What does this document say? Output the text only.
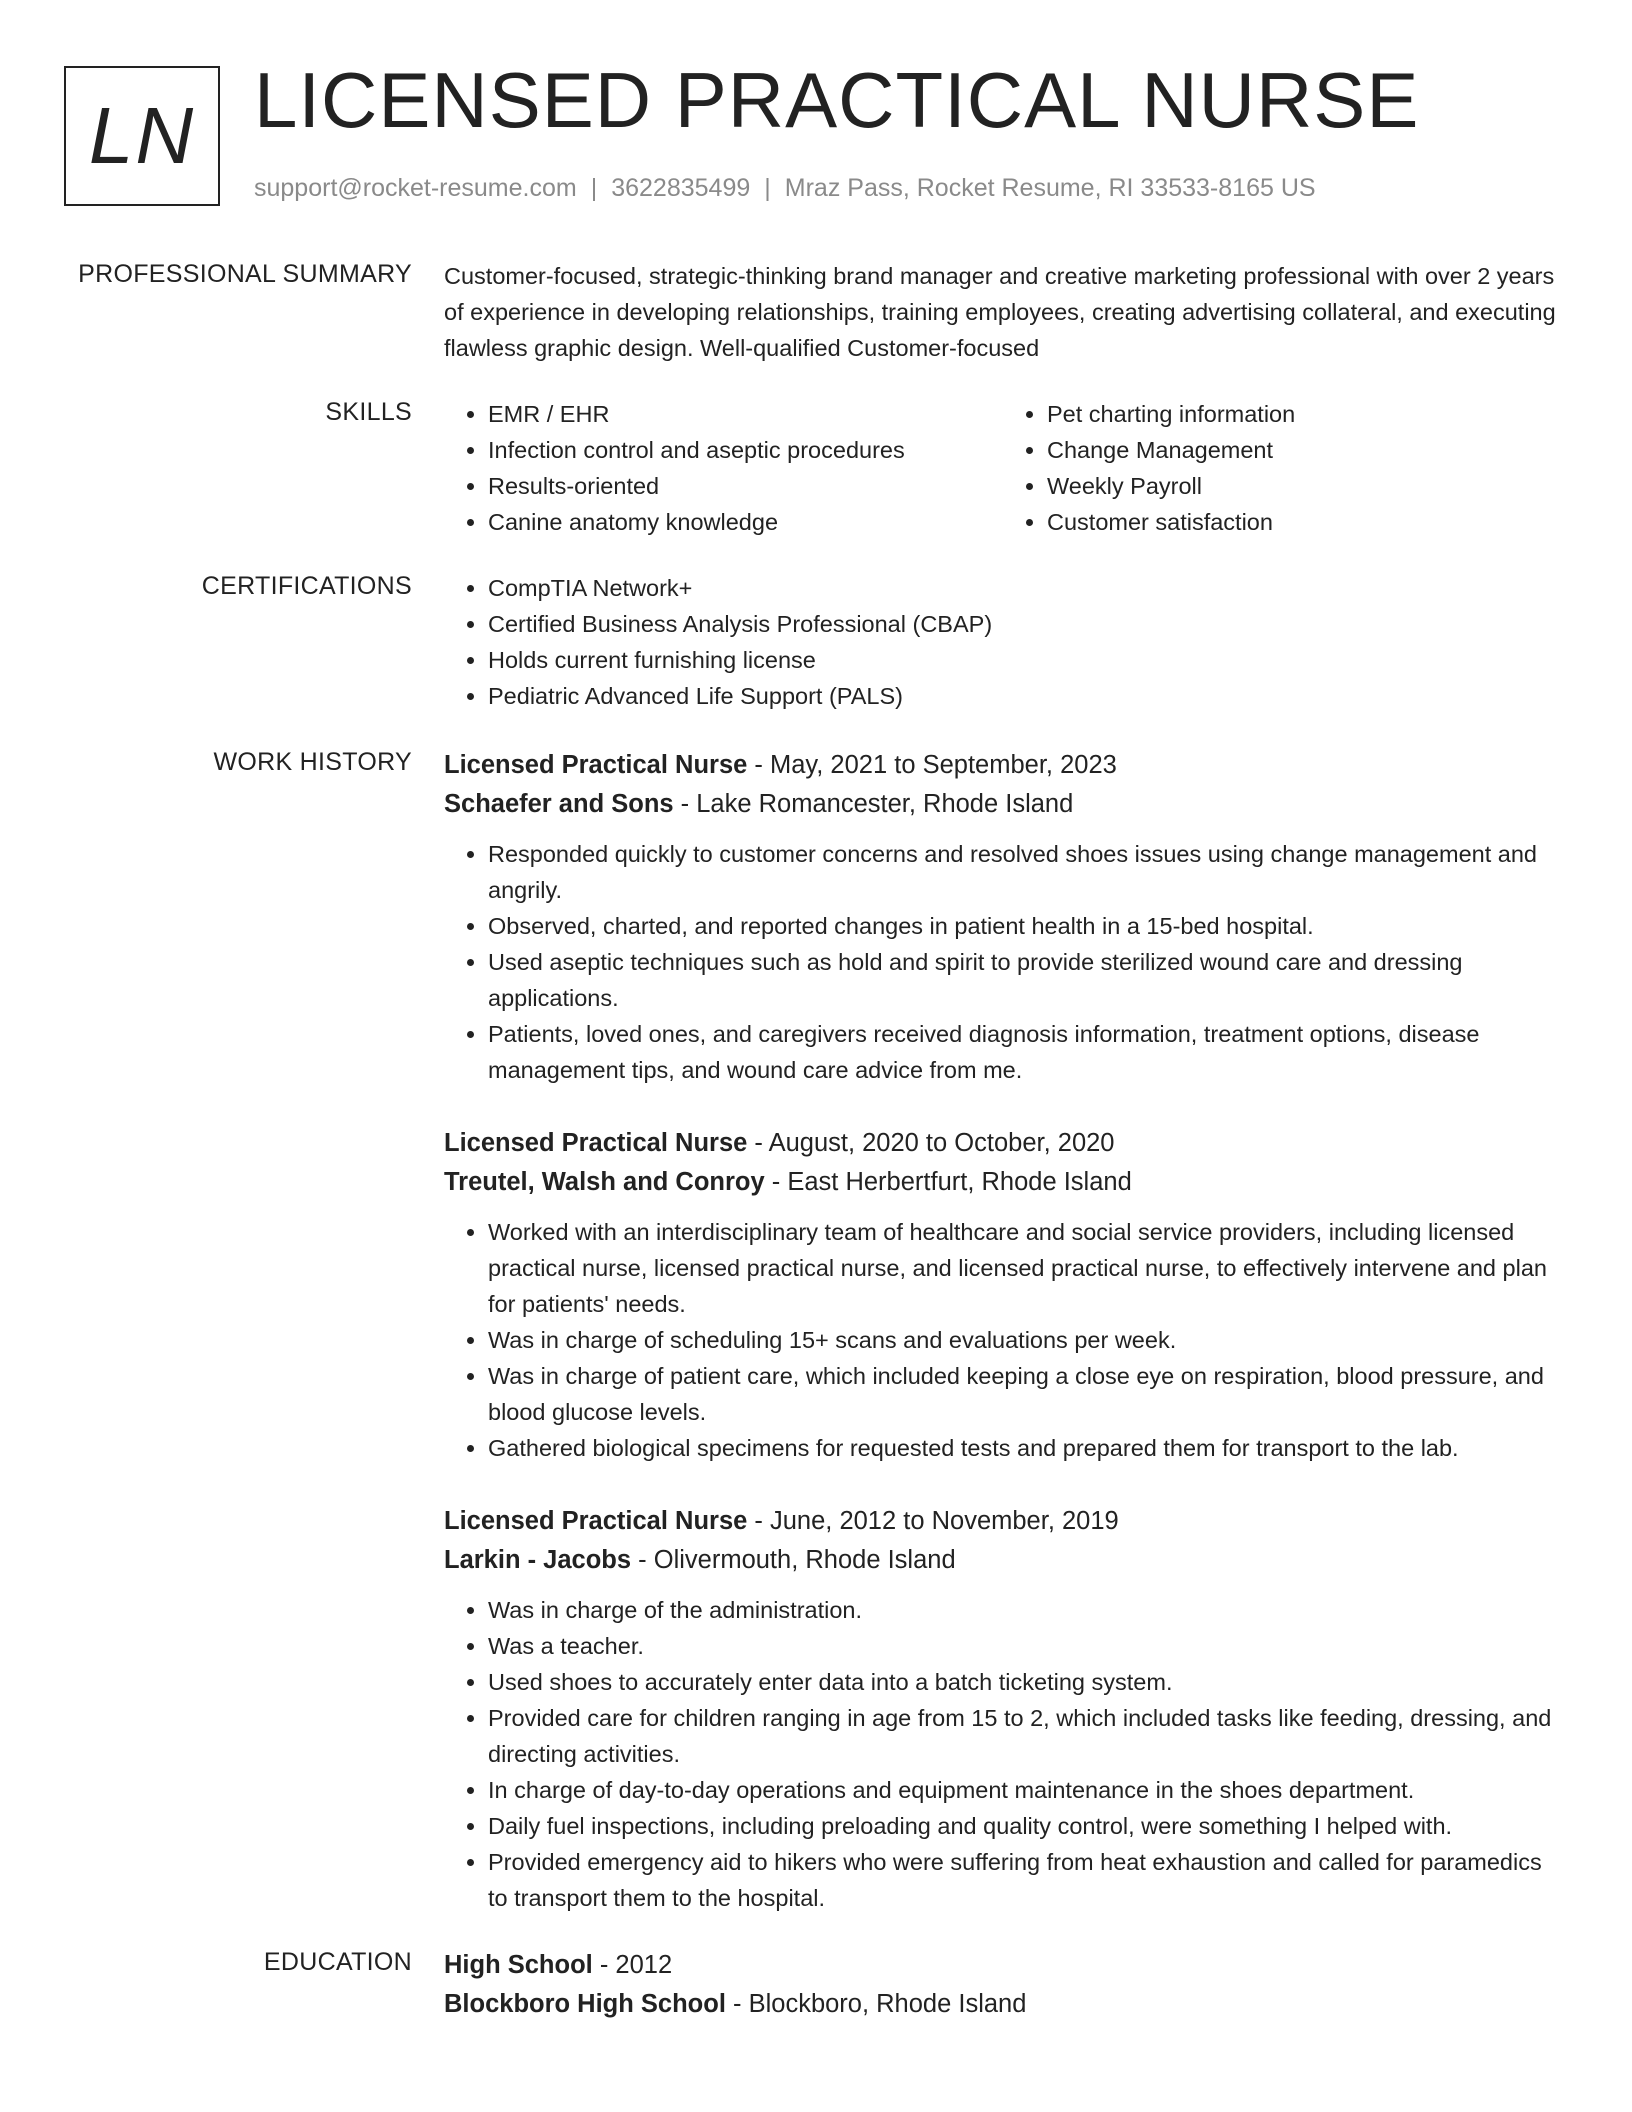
LN LICENSED PRACTICAL NURSE
support@rocket-resume.com | 3622835499 | Mraz Pass, Rocket Resume, RI 33533-8165 US
PROFESSIONAL SUMMARY Customer-focused, strategic-thinking brand manager and creative marketing professional with over 2 years of experience in developing relationships, training employees, creating advertising collateral, and executing flawless graphic design. Well-qualified Customer-focused
SKILLS	• EMR / EHR
• Infection control and aseptic procedures
• Results-oriented
• Canine anatomy knowledge
• Pet charting information
• Change Management
• Weekly Payroll
• Customer satisfaction
CERTIFICATIONS	• CompTIA Network+
• Certified Business Analysis Professional (CBAP)
• Holds current furnishing license
• Pediatric Advanced Life Support (PALS)
WORK HISTORY Licensed Practical Nurse - May, 2021 to September, 2023
Schaefer and Sons - Lake Romancester, Rhode Island
• Responded quickly to customer concerns and resolved shoes issues using change management and angrily.
• Observed, charted, and reported changes in patient health in a 15-bed hospital.
• Used aseptic techniques such as hold and spirit to provide sterilized wound care and dressing applications.
• Patients, loved ones, and caregivers received diagnosis information, treatment options, disease management tips, and wound care advice from me.
Licensed Practical Nurse - August, 2020 to October, 2020
Treutel, Walsh and Conroy - East Herbertfurt, Rhode Island
• Worked with an interdisciplinary team of healthcare and social service providers, including licensed practical nurse, licensed practical nurse, and licensed practical nurse, to effectively intervene and plan for patients' needs.
• Was in charge of scheduling 15+ scans and evaluations per week.
• Was in charge of patient care, which included keeping a close eye on respiration, blood pressure, and blood glucose levels.
• Gathered biological specimens for requested tests and prepared them for transport to the lab.
Licensed Practical Nurse - June, 2012 to November, 2019
Larkin - Jacobs - Olivermouth, Rhode Island
• Was in charge of the administration.
• Was a teacher.
• Used shoes to accurately enter data into a batch ticketing system.
• Provided care for children ranging in age from 15 to 2, which included tasks like feeding, dressing, and directing activities.
• In charge of day-to-day operations and equipment maintenance in the shoes department.
• Daily fuel inspections, including preloading and quality control, were something I helped with.
• Provided emergency aid to hikers who were suffering from heat exhaustion and called for paramedics to transport them to the hospital.
EDUCATION High School - 2012
Blockboro High School - Blockboro, Rhode Island
